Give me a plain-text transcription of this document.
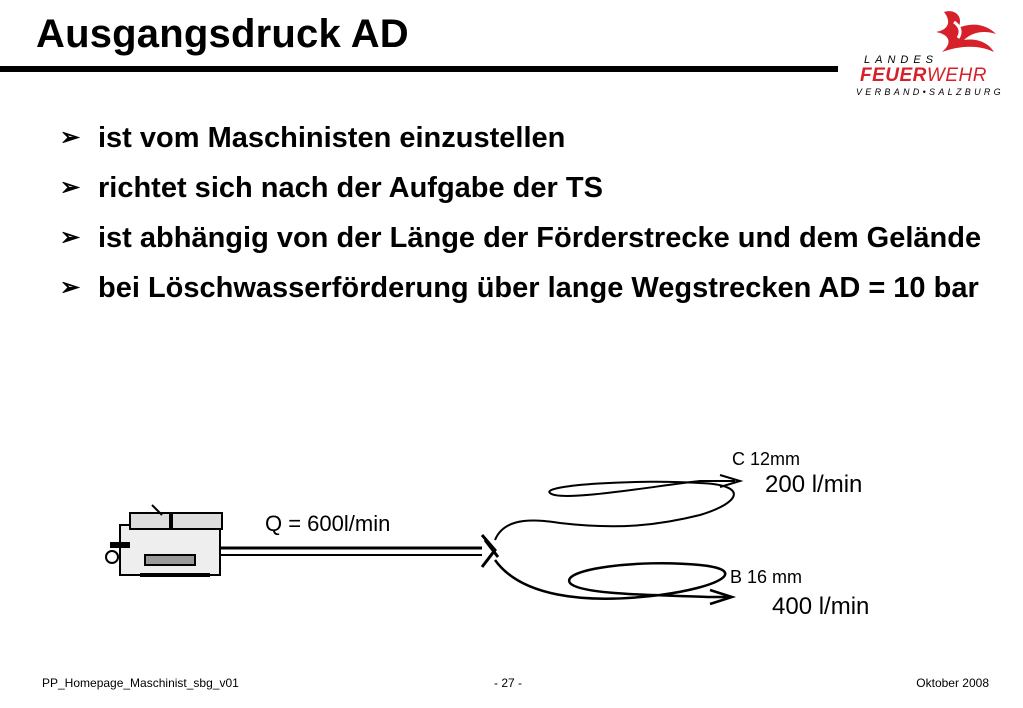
Ausgangsdruck AD
LANDES
FEUERWEHR
VERBAND•SALZBURG
➢ ist vom Maschinisten einzustellen
➢ richtet sich nach der Aufgabe der TS
➢ ist abhängig von der Länge der Förderstrecke und dem Gelände
➢ bei Löschwasserförderung über lange Wegstrecken AD = 10 bar
Q = 600l/min
C 12mm
200 l/min
B 16 mm
400 l/min
PP_Homepage_Maschinist_sbg_v01	- 27 -	Oktober 2008
